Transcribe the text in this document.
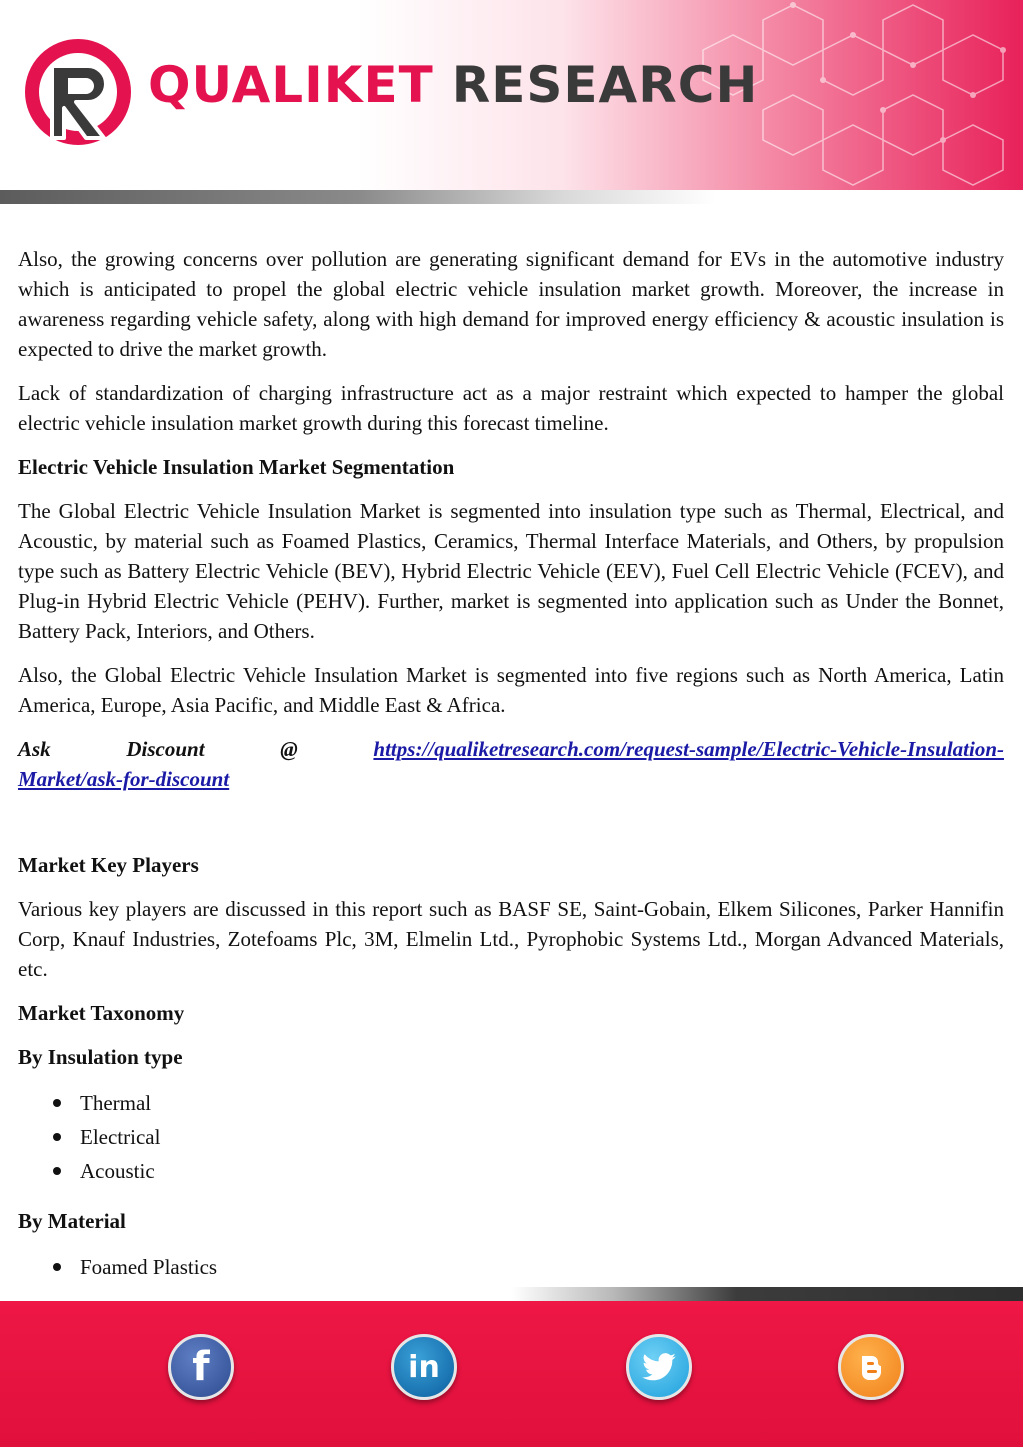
QUALIKET RESEARCH

Also, the growing concerns over pollution are generating significant demand for EVs in the automotive industry which is anticipated to propel the global electric vehicle insulation market growth. Moreover, the increase in awareness regarding vehicle safety, along with high demand for improved energy efficiency & acoustic insulation is expected to drive the market growth.

Lack of standardization of charging infrastructure act as a major restraint which expected to hamper the global electric vehicle insulation market growth during this forecast timeline.

Electric Vehicle Insulation Market Segmentation

The Global Electric Vehicle Insulation Market is segmented into insulation type such as Thermal, Electrical, and Acoustic, by material such as Foamed Plastics, Ceramics, Thermal Interface Materials, and Others, by propulsion type such as Battery Electric Vehicle (BEV), Hybrid Electric Vehicle (EEV), Fuel Cell Electric Vehicle (FCEV), and Plug-in Hybrid Electric Vehicle (PEHV). Further, market is segmented into application such as Under the Bonnet, Battery Pack, Interiors, and Others.

Also, the Global Electric Vehicle Insulation Market is segmented into five regions such as North America, Latin America, Europe, Asia Pacific, and Middle East & Africa.

Ask	Discount	@	https://qualiketresearch.com/request-sample/Electric-Vehicle-Insulation-Market/ask-for-discount

Market Key Players

Various key players are discussed in this report such as BASF SE, Saint-Gobain, Elkem Silicones, Parker Hannifin Corp, Knauf Industries, Zotefoams Plc, 3M, Elmelin Ltd., Pyrophobic Systems Ltd., Morgan Advanced Materials, etc.

Market Taxonomy
By Insulation type
Thermal
Electrical
Acoustic
By Material
Foamed Plastics
f	in
